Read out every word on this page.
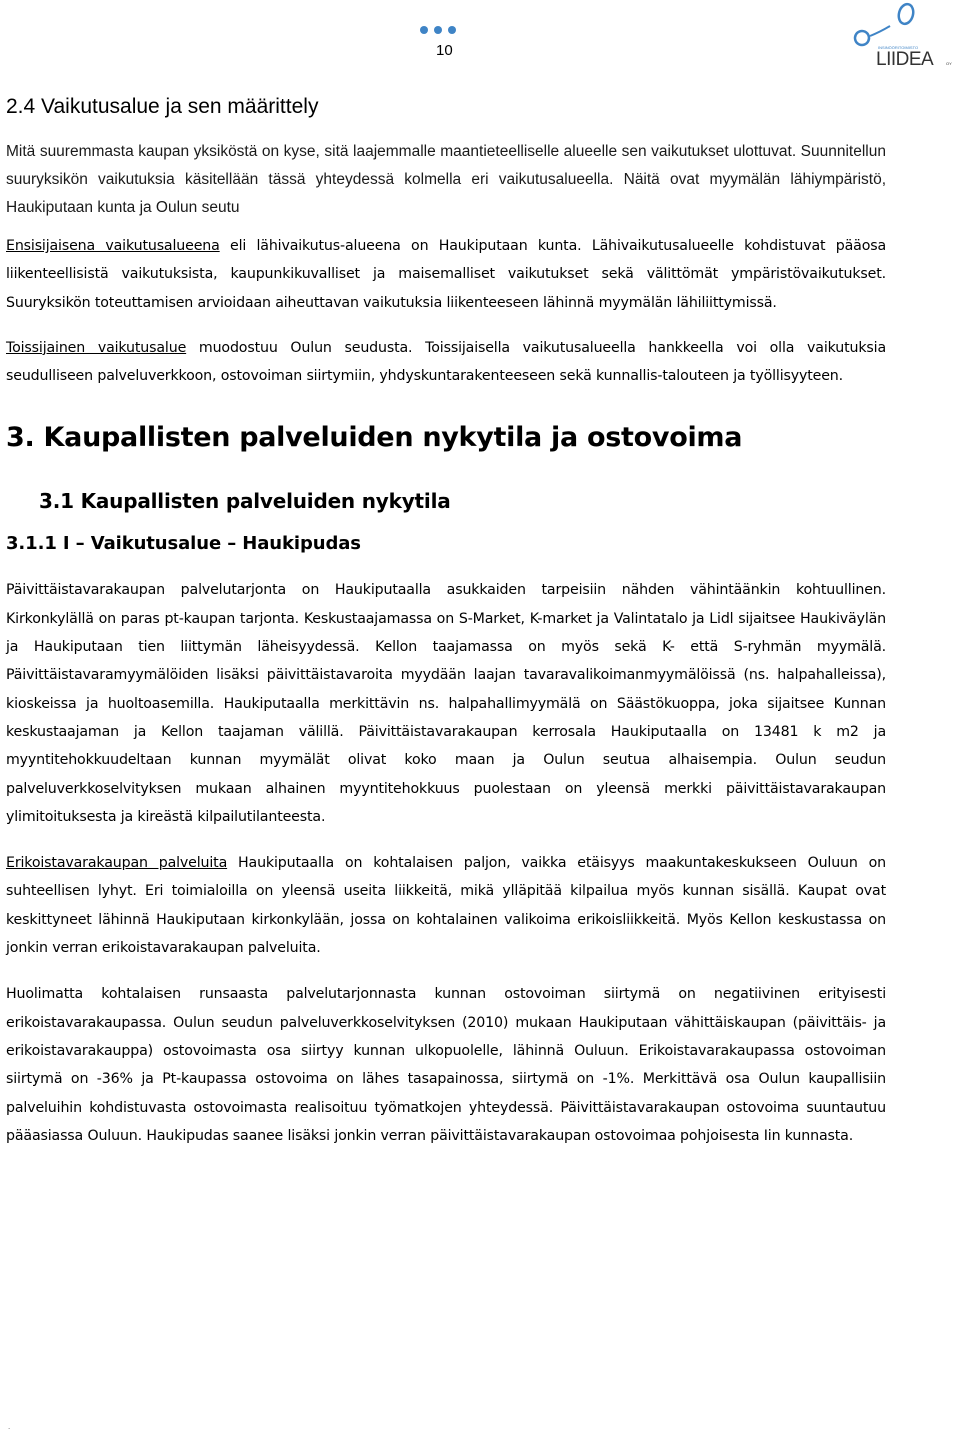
10	INSINÖÖRITOIMISTO
LIIDEA	OY
2.4 Vaikutusalue ja sen määrittely

Mitä suuremmasta kaupan yksiköstä on kyse, sitä laajemmalle maantieteelliselle alueelle sen vaikutukset ulottuvat. Suunnitellun suuryksikön vaikutuksia käsitellään tässä yhteydessä kolmella eri vaikutusalueella. Näitä ovat myymälän lähiympäristö, Haukiputaan kunta ja Oulun seutu

Ensisijaisena vaikutusalueena eli lähivaikutus-alueena on Haukiputaan kunta. Lähivaikutusalueelle kohdistuvat pääosa liikenteellisistä vaikutuksista, kaupunkikuvalliset ja maisemalliset vaikutukset sekä välittömät ympäristövaikutukset. Suuryksikön toteuttamisen arvioidaan aiheuttavan vaikutuksia liikenteeseen lähinnä myymälän lähiliittymissä.

Toissijainen vaikutusalue muodostuu Oulun seudusta. Toissijaisella vaikutusalueella hankkeella voi olla vaikutuksia seudulliseen palveluverkkoon, ostovoiman siirtymiin, yhdyskuntarakenteeseen sekä kunnallis-talouteen ja työllisyyteen.

3. Kaupallisten palveluiden nykytila ja ostovoima
3.1 Kaupallisten palveluiden nykytila
3.1.1 I – Vaikutusalue – Haukipudas

Päivittäistavarakaupan palvelutarjonta on Haukiputaalla asukkaiden tarpeisiin nähden vähintäänkin kohtuullinen. Kirkonkylällä on paras pt-kaupan tarjonta. Keskustaajamassa on S-Market, K-market ja Valintatalo ja Lidl sijaitsee Haukiväylän ja Haukiputaan tien liittymän läheisyydessä. Kellon taajamassa on myös sekä K- että S-ryhmän myymälä. Päivittäistavaramyymälöiden lisäksi päivittäistavaroita myydään laajan tavaravalikoimanmyymälöissä (ns. halpahalleissa), kioskeissa ja huoltoasemilla. Haukiputaalla merkittävin ns. halpahallimyymälä on Säästökuoppa, joka sijaitsee Kunnan keskustaajaman ja Kellon taajaman välillä. Päivittäistavarakaupan kerrosala Haukiputaalla on 13481 k m2 ja myyntitehokkuudeltaan kunnan myymälät olivat koko maan ja Oulun seutua alhaisempia. Oulun seudun palveluverkkoselvityksen mukaan alhainen myyntitehokkuus puolestaan on yleensä merkki päivittäistavarakaupan ylimitoituksesta ja kireästä kilpailutilanteesta.

Erikoistavarakaupan palveluita Haukiputaalla on kohtalaisen paljon, vaikka etäisyys maakuntakeskukseen Ouluun on suhteellisen lyhyt. Eri toimialoilla on yleensä useita liikkeitä, mikä ylläpitää kilpailua myös kunnan sisällä. Kaupat ovat keskittyneet lähinnä Haukiputaan kirkonkylään, jossa on kohtalainen valikoima erikoisliikkeitä. Myös Kellon keskustassa on jonkin verran erikoistavarakaupan palveluita.

Huolimatta kohtalaisen runsaasta palvelutarjonnasta kunnan ostovoiman siirtymä on negatiivinen erityisesti erikoistavarakaupassa. Oulun seudun palveluverkkoselvityksen (2010) mukaan Haukiputaan vähittäiskaupan (päivittäis- ja erikoistavarakauppa) ostovoimasta osa siirtyy kunnan ulkopuolelle, lähinnä Ouluun. Erikoistavarakaupassa ostovoiman siirtymä on -36% ja Pt-kaupassa ostovoima on lähes tasapainossa, siirtymä on -1%. Merkittävä osa Oulun kaupallisiin palveluihin kohdistuvasta ostovoimasta realisoituu työmatkojen yhteydessä. Päivittäistavarakaupan ostovoima suuntautuu pääasiassa Ouluun. Haukipudas saanee lisäksi jonkin verran päivittäistavarakaupan ostovoimaa pohjoisesta Iin kunnasta.

.
